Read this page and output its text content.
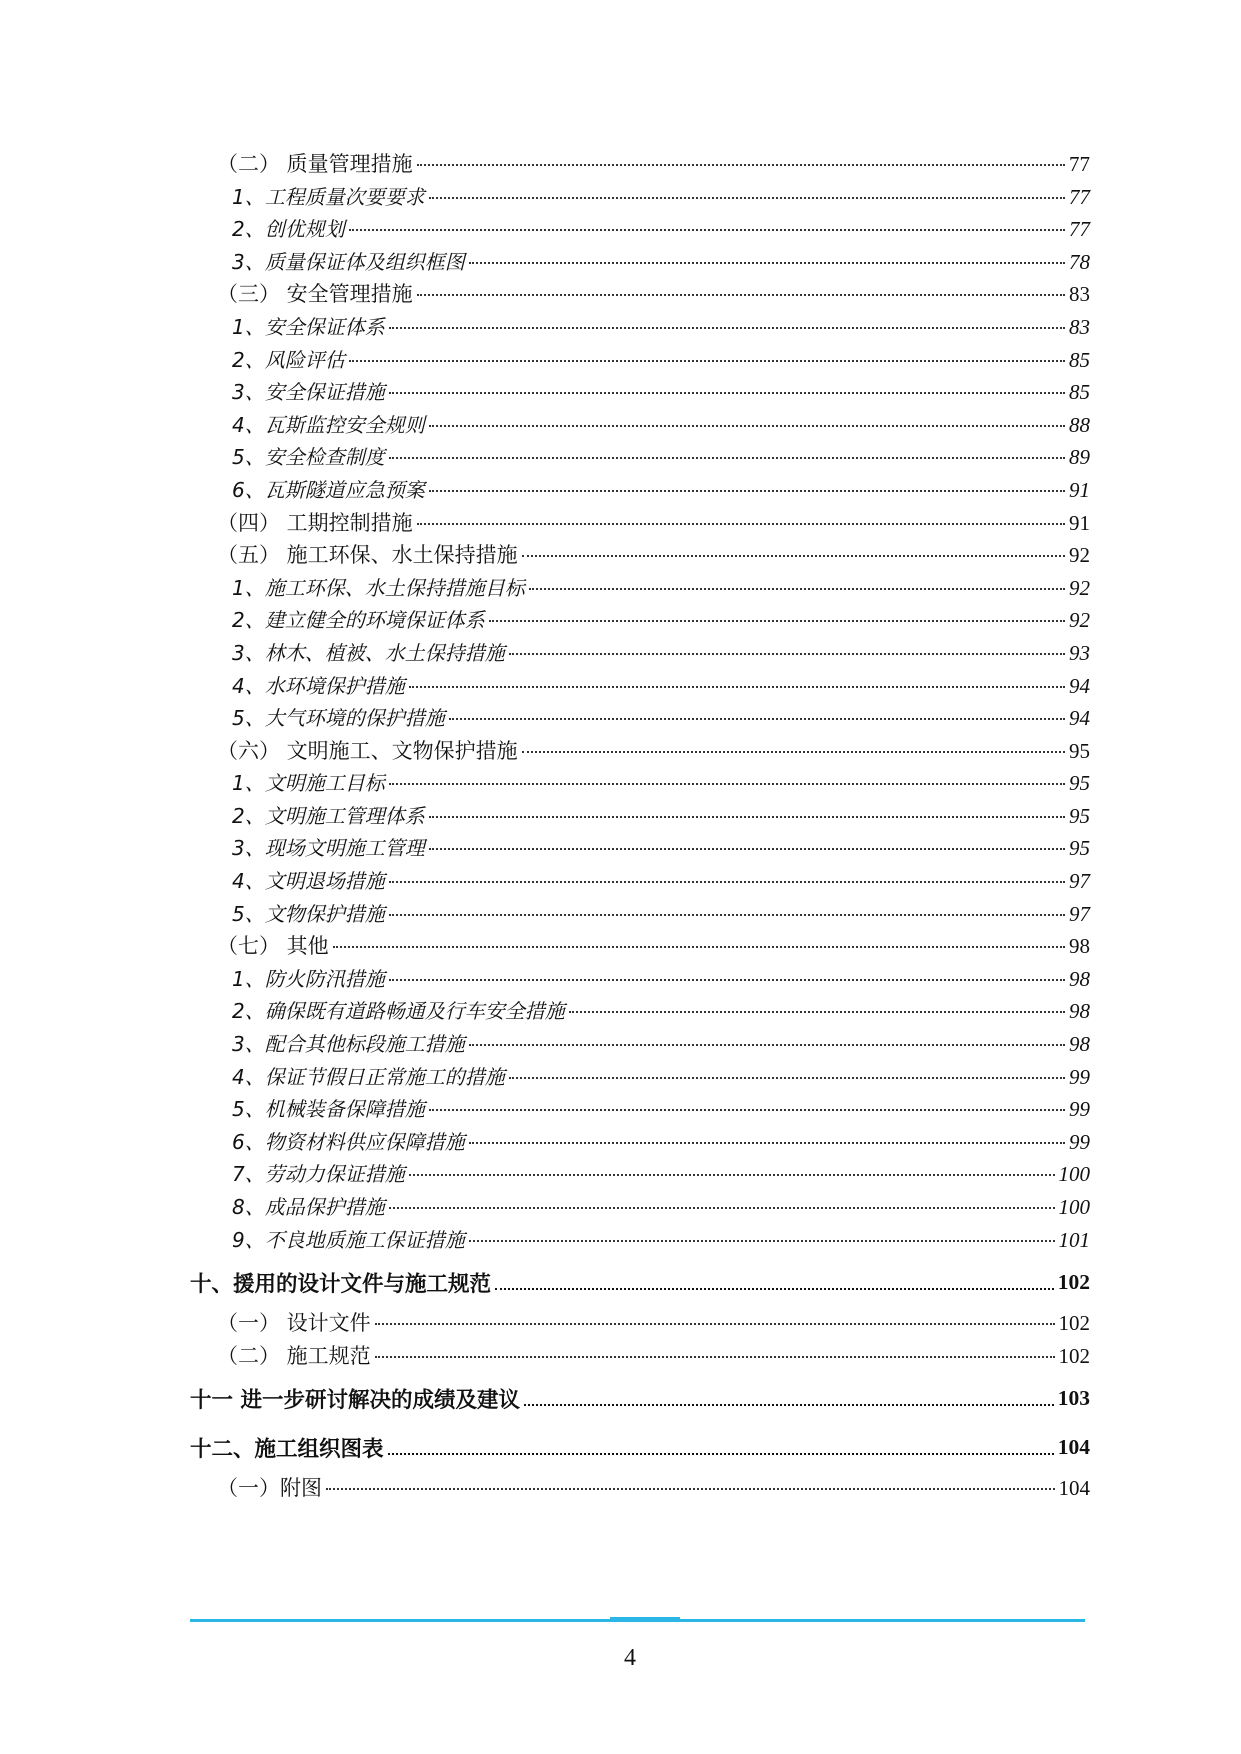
（二） 质量管理措施	77
1、工程质量次要要求	77
2、创优规划	77
3、质量保证体及组织框图	78
（三） 安全管理措施	83
1、安全保证体系	83
2、风险评估	85
3、安全保证措施	85
4、瓦斯监控安全规则	88
5、安全检查制度	89
6、瓦斯隧道应急预案	91
（四） 工期控制措施	91
（五） 施工环保、水土保持措施	92
1、施工环保、水土保持措施目标	92
2、建立健全的环境保证体系	92
3、林木、植被、水土保持措施	93
4、水环境保护措施	94
5、大气环境的保护措施	94
（六） 文明施工、文物保护措施	95
1、文明施工目标	95
2、文明施工管理体系	95
3、现场文明施工管理	95
4、文明退场措施	97
5、文物保护措施	97
（七） 其他	98
1、防火防汛措施	98
2、确保既有道路畅通及行车安全措施	98
3、配合其他标段施工措施	98
4、保证节假日正常施工的措施	99
5、机械装备保障措施	99
6、物资材料供应保障措施	99
7、劳动力保证措施	100
8、成品保护措施	100
9、不良地质施工保证措施	101
十、援用的设计文件与施工规范	102
（一） 设计文件	102
（二） 施工规范	102
十一 进一步研讨解决的成绩及建议	103
十二、施工组织图表	104
（一）附图	104
4
